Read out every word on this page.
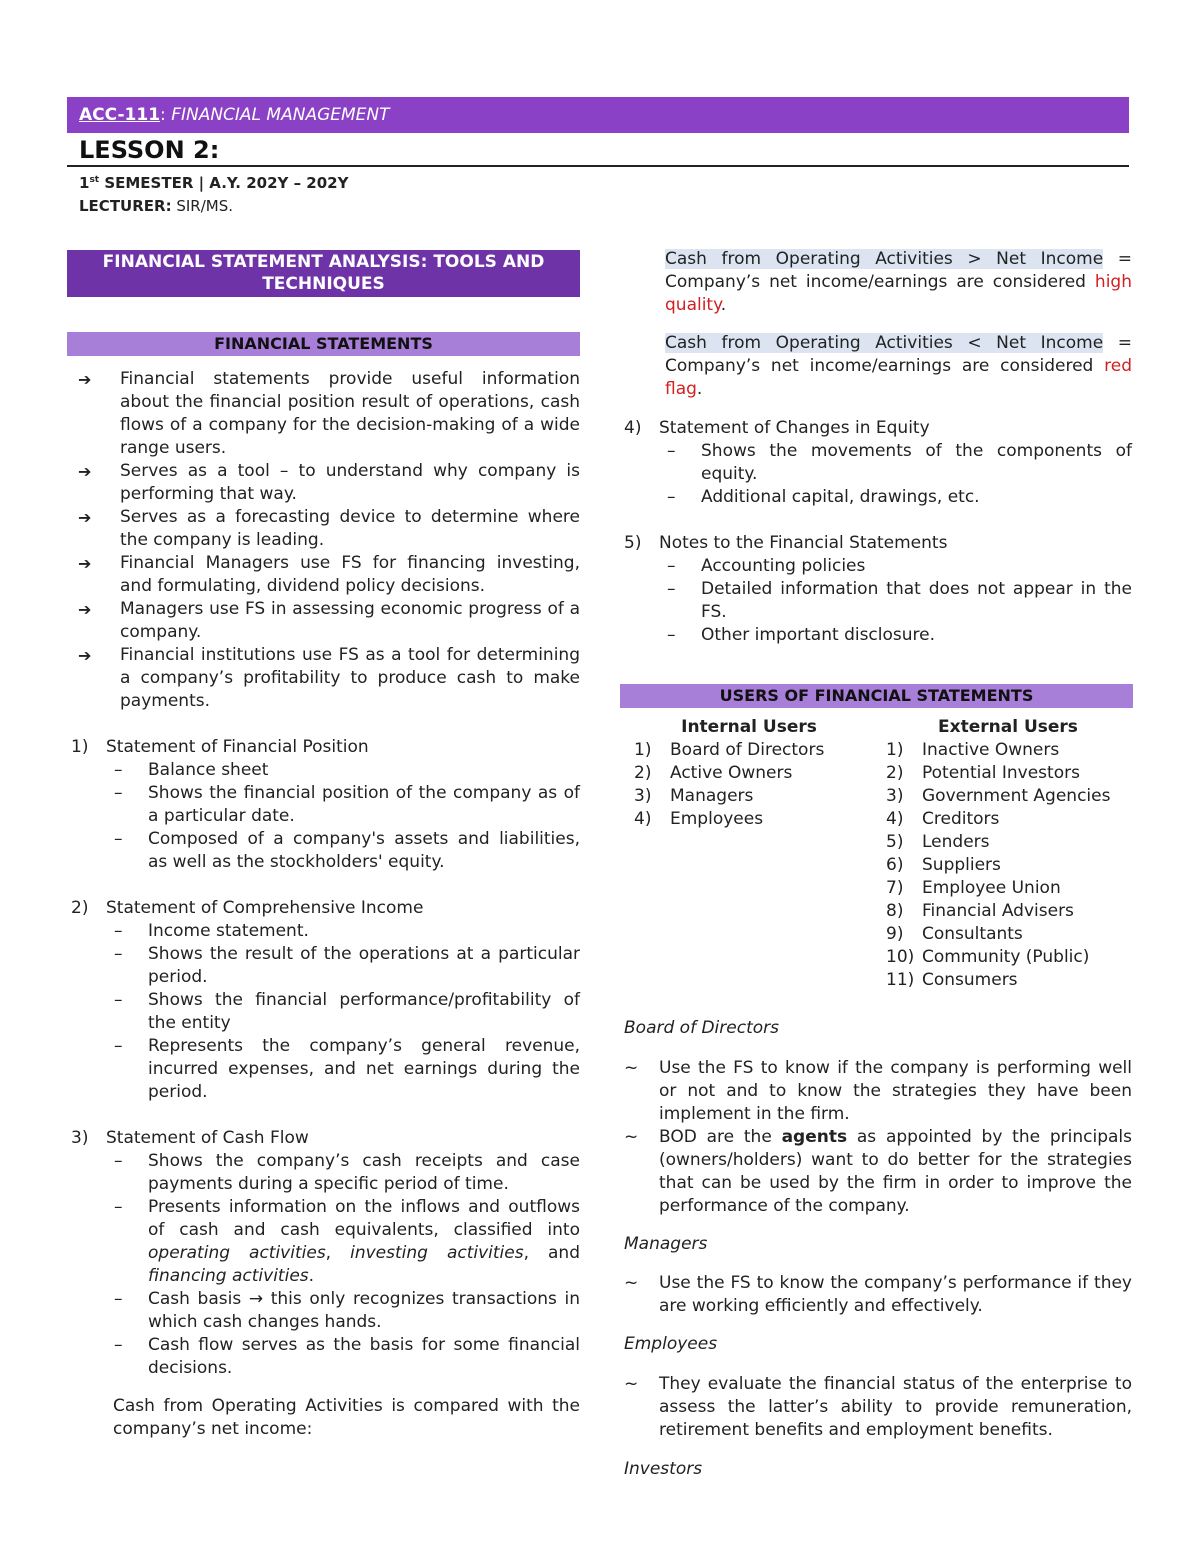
ACC-111: FINANCIAL MANAGEMENT
LESSON 2:
1st SEMESTER | A.Y. 202Y – 202Y
LECTURER: SIR/MS.
FINANCIAL STATEMENT ANALYSIS: TOOLS AND TECHNIQUES
FINANCIAL STATEMENTS
➔ Financial statements provide useful information about the financial position result of operations, cash flows of a company for the decision-making of a wide range users.
➔ Serves as a tool – to understand why company is performing that way.
➔ Serves as a forecasting device to determine where the company is leading.
➔ Financial Managers use FS for financing investing, and formulating, dividend policy decisions.
➔ Managers use FS in assessing economic progress of a company.
➔ Financial institutions use FS as a tool for determining a company’s profitability to produce cash to make payments.
1) Statement of Financial Position
– Balance sheet
– Shows the financial position of the company as of a particular date.
– Composed of a company's assets and liabilities, as well as the stockholders' equity.
2) Statement of Comprehensive Income
– Income statement.
– Shows the result of the operations at a particular period.
– Shows the financial performance/profitability of the entity
– Represents the company’s general revenue, incurred expenses, and net earnings during the period.
3) Statement of Cash Flow
– Shows the company’s cash receipts and case payments during a specific period of time.
– Presents information on the inflows and outflows of cash and cash equivalents, classified into operating activities, investing activities, and financing activities.
– Cash basis → this only recognizes transactions in which cash changes hands.
– Cash flow serves as the basis for some financial decisions.
Cash from Operating Activities is compared with the company’s net income:
Cash from Operating Activities > Net Income = Company’s net income/earnings are considered high quality.
Cash from Operating Activities < Net Income = Company’s net income/earnings are considered red flag.
4) Statement of Changes in Equity
– Shows the movements of the components of equity.
– Additional capital, drawings, etc.
5) Notes to the Financial Statements
– Accounting policies
– Detailed information that does not appear in the FS.
– Other important disclosure.
USERS OF FINANCIAL STATEMENTS
Internal Users
1) Board of Directors
2) Active Owners
3) Managers
4) Employees
External Users
1) Inactive Owners
2) Potential Investors
3) Government Agencies
4) Creditors
5) Lenders
6) Suppliers
7) Employee Union
8) Financial Advisers
9) Consultants
10) Community (Public)
11) Consumers
Board of Directors
~ Use the FS to know if the company is performing well or not and to know the strategies they have been implement in the firm.
~ BOD are the agents as appointed by the principals (owners/holders) want to do better for the strategies that can be used by the firm in order to improve the performance of the company.
Managers
~ Use the FS to know the company’s performance if they are working efficiently and effectively.
Employees
~ They evaluate the financial status of the enterprise to assess the latter’s ability to provide remuneration, retirement benefits and employment benefits.
Investors
